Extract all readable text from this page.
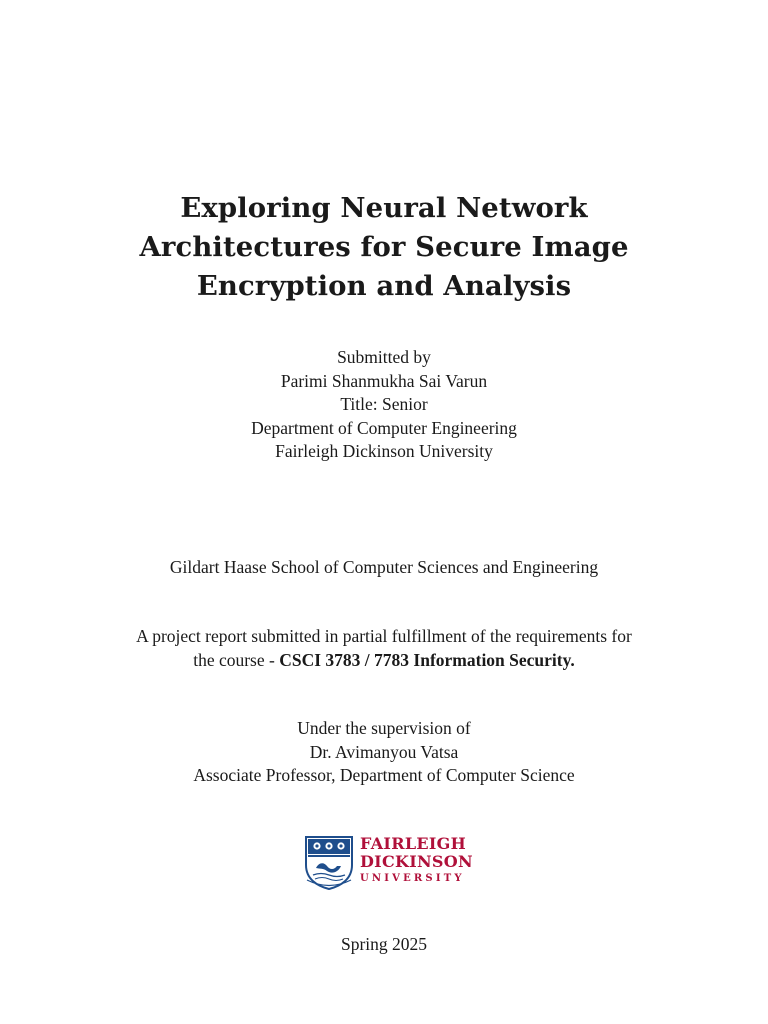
Exploring Neural Network
Architectures for Secure Image
Encryption and Analysis
Submitted by
Parimi Shanmukha Sai Varun
Title: Senior
Department of Computer Engineering
Fairleigh Dickinson University
Gildart Haase School of Computer Sciences and Engineering
A project report submitted in partial fulfillment of the requirements for
the course - CSCI 3783 / 7783 Information Security.
Under the supervision of
Dr. Avimanyou Vatsa
Associate Professor, Department of Computer Science
FAIRLEIGH
DICKINSON
UNIVERSITY
Spring 2025
